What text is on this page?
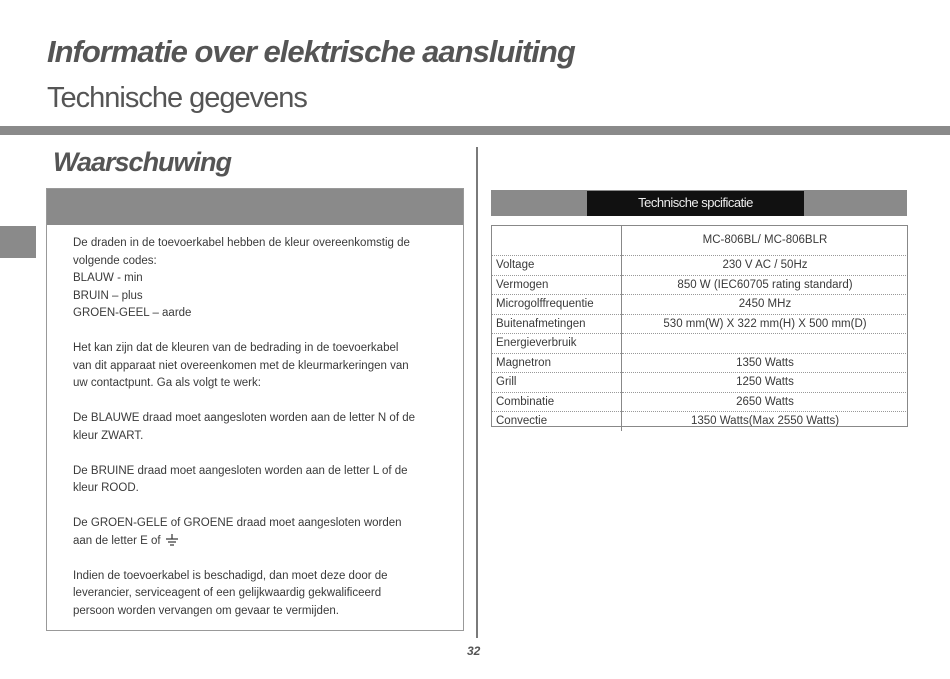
Informatie over elektrische aansluiting
Technische gegevens
Waarschuwing

De draden in de toevoerkabel hebben de kleur overeenkomstig de
volgende codes:
BLAUW - min
BRUIN – plus
GROEN-GEEL – aarde

Het kan zijn dat de kleuren van de bedrading in de toevoerkabel
van dit apparaat niet overeenkomen met de kleurmarkeringen van
uw contactpunt. Ga als volgt te werk:

De BLAUWE draad moet aangesloten worden aan de letter N of de
kleur ZWART.

De BRUINE draad moet aangesloten worden aan de letter L of de
kleur ROOD.

De GROEN-GELE of GROENE draad moet aangesloten worden
aan de letter E of

Indien de toevoerkabel is beschadigd, dan moet deze door de
leverancier, serviceagent of een gelijkwaardig gekwalificeerd
persoon worden vervangen om gevaar te vermijden.

Technische spcificatie
	MC-806BL/ MC-806BLR
Voltage	230 V AC / 50Hz
Vermogen	850 W (IEC60705 rating standard)
Microgolffrequentie	2450 MHz
Buitenafmetingen	530 mm(W) X 322 mm(H) X 500 mm(D)
Energieverbruik	
Magnetron	1350 Watts
Grill	1250 Watts
Combinatie	2650 Watts
Convectie	1350 Watts(Max 2550 Watts)
32
